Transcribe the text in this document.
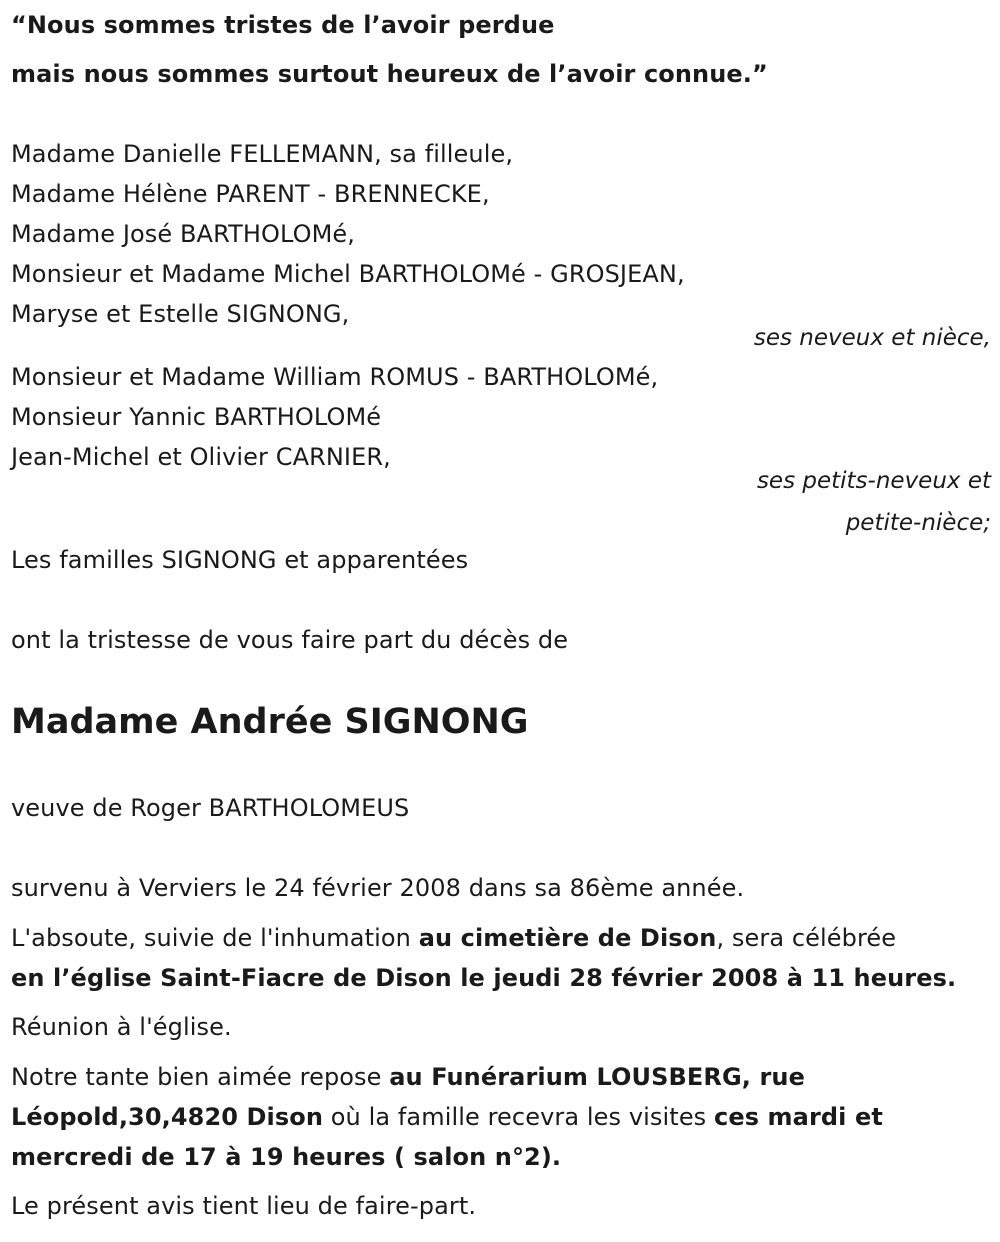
“Nous sommes tristes de l’avoir perdue
mais nous sommes surtout heureux de l’avoir connue.”
Madame Danielle FELLEMANN, sa filleule,
Madame Hélène PARENT - BRENNECKE,
Madame José BARTHOLOMé,
Monsieur et Madame Michel BARTHOLOMé - GROSJEAN,
Maryse et Estelle SIGNONG,
ses neveux et nièce,
Monsieur et Madame William ROMUS - BARTHOLOMé,
Monsieur Yannic BARTHOLOMé
Jean-Michel et Olivier CARNIER,
ses petits-neveux et
petite-nièce;
Les familles SIGNONG et apparentées
ont la tristesse de vous faire part du décès de
Madame Andrée SIGNONG
veuve de Roger BARTHOLOMEUS
survenu à Verviers le 24 février 2008 dans sa 86ème année.
L'absoute, suivie de l'inhumation au cimetière de Dison, sera célébrée
en l’église Saint-Fiacre de Dison le jeudi 28 février 2008 à 11 heures.
Réunion à l'église.
Notre tante bien aimée repose au Funérarium LOUSBERG, rue
Léopold,30,4820 Dison où la famille recevra les visites ces mardi et
mercredi de 17 à 19 heures ( salon n°2).
Le présent avis tient lieu de faire-part.
